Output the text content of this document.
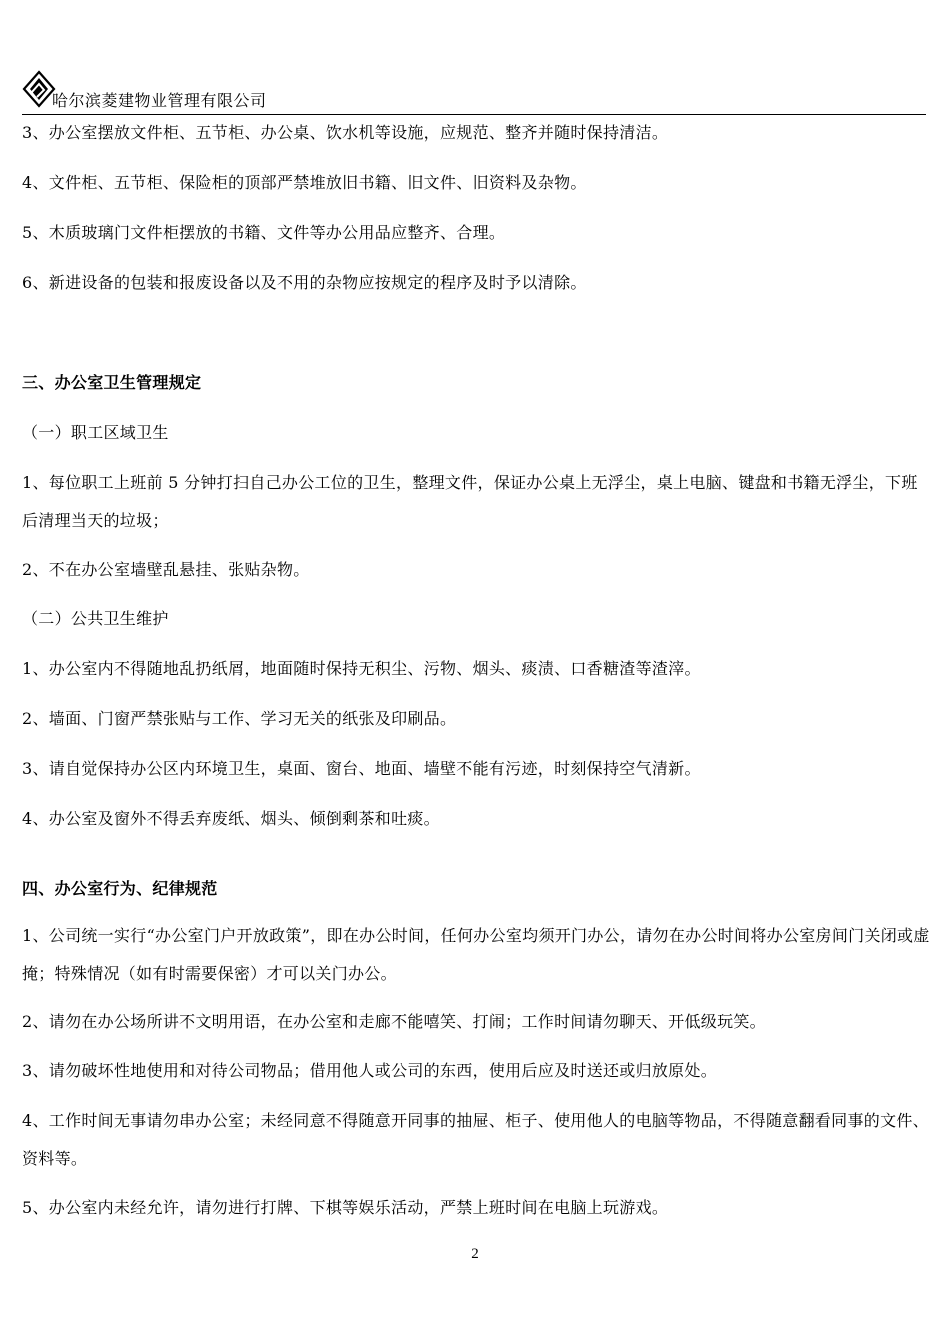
哈尔滨菱建物业管理有限公司
3、办公室摆放文件柜、五节柜、办公桌、饮水机等设施，应规范、整齐并随时保持清洁。
4、文件柜、五节柜、保险柜的顶部严禁堆放旧书籍、旧文件、旧资料及杂物。
5、木质玻璃门文件柜摆放的书籍、文件等办公用品应整齐、合理。
6、新进设备的包装和报废设备以及不用的杂物应按规定的程序及时予以清除。
三、办公室卫生管理规定
（一）职工区域卫生
1、每位职工上班前 5 分钟打扫自己办公工位的卫生，整理文件，保证办公桌上无浮尘，桌上电脑、键盘和书籍无浮尘，下班后清理当天的垃圾；
2、不在办公室墙壁乱悬挂、张贴杂物。
（二）公共卫生维护
1、办公室内不得随地乱扔纸屑，地面随时保持无积尘、污物、烟头、痰渍、口香糖渣等渣滓。
2、墙面、门窗严禁张贴与工作、学习无关的纸张及印刷品。
3、请自觉保持办公区内环境卫生，桌面、窗台、地面、墙壁不能有污迹，时刻保持空气清新。
4、办公室及窗外不得丢弃废纸、烟头、倾倒剩茶和吐痰。
四、办公室行为、纪律规范
1、公司统一实行“办公室门户开放政策”，即在办公时间，任何办公室均须开门办公，请勿在办公时间将办公室房间门关闭或虚掩；特殊情况（如有时需要保密）才可以关门办公。
2、请勿在办公场所讲不文明用语，在办公室和走廊不能嘻笑、打闹；工作时间请勿聊天、开低级玩笑。
3、请勿破坏性地使用和对待公司物品；借用他人或公司的东西，使用后应及时送还或归放原处。
4、工作时间无事请勿串办公室；未经同意不得随意开同事的抽屉、柜子、使用他人的电脑等物品，不得随意翻看同事的文件、资料等。
5、办公室内未经允许，请勿进行打牌、下棋等娱乐活动，严禁上班时间在电脑上玩游戏。
2
